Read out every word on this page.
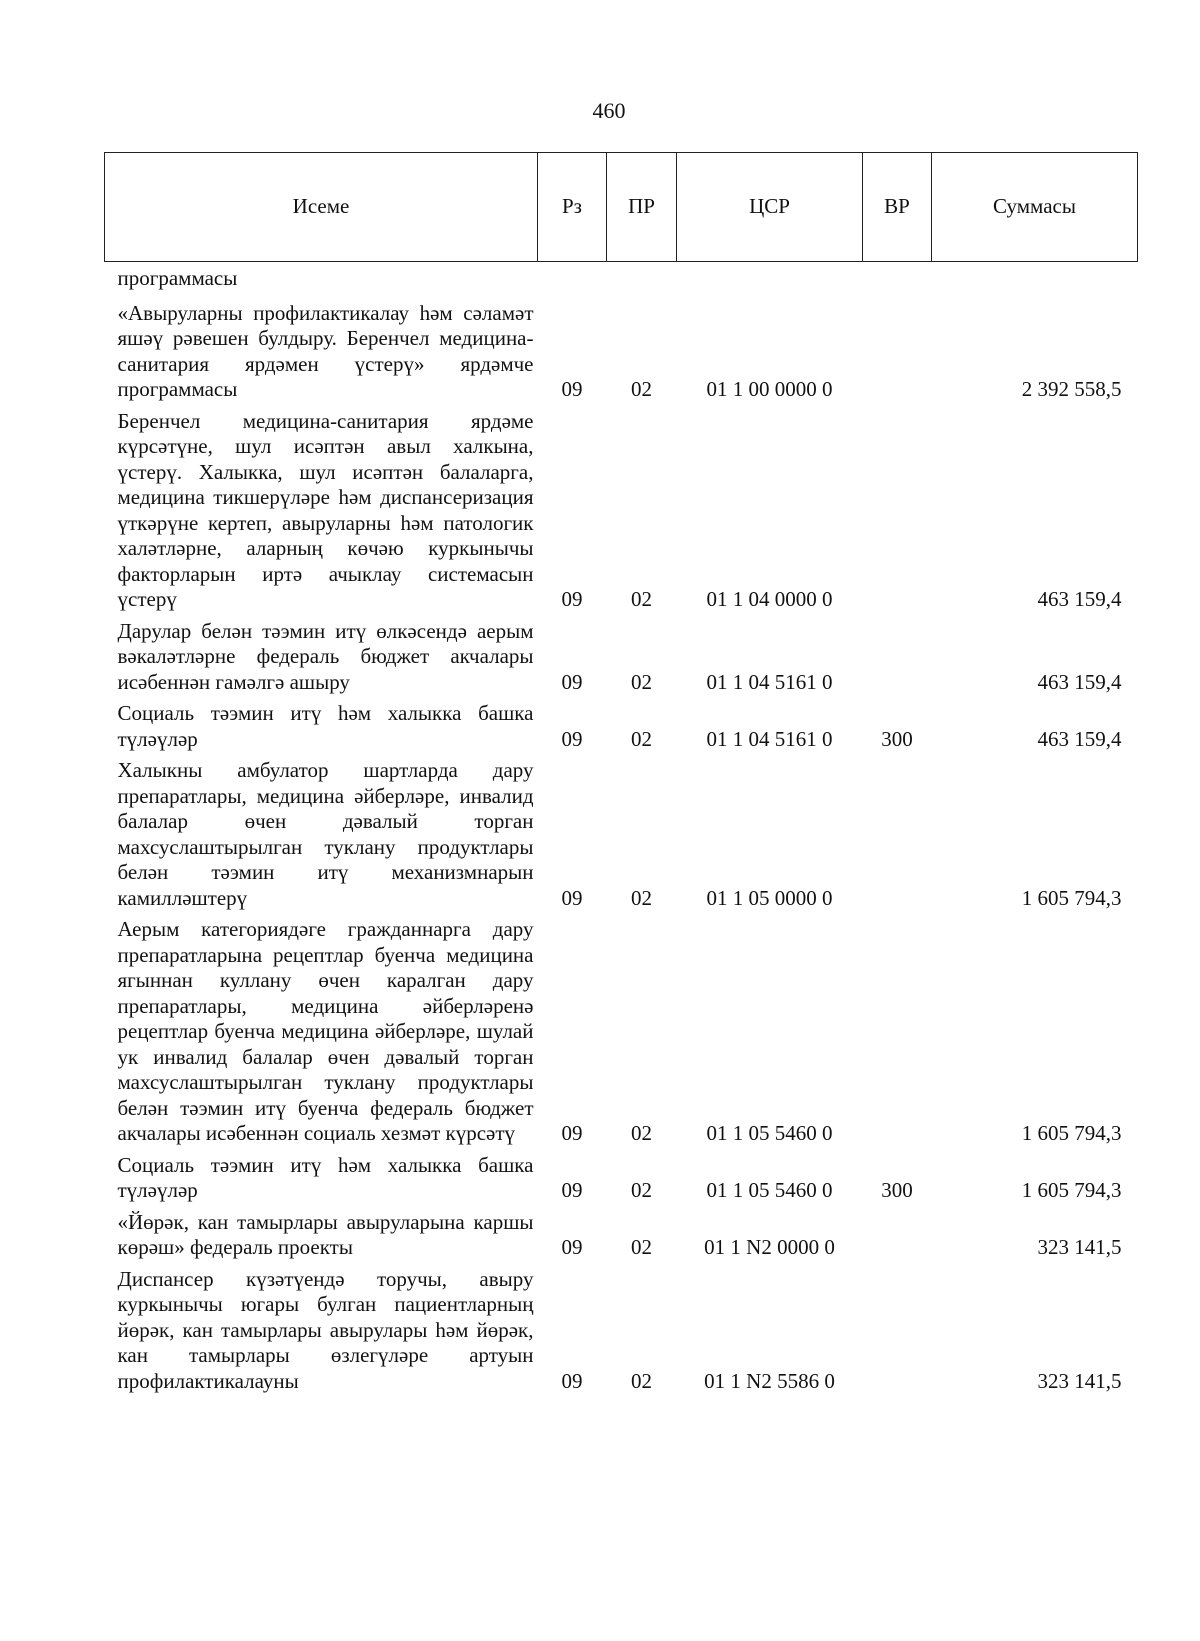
460
Исеме	Рз	ПР	ЦСР	ВР	Суммасы
программасы					
«Авыруларны профилактикалау һәм сәламәт яшәү рәвешен булдыру. Беренчел медицина-санитария ярдәмен үстерү» ярдәмче программасы	09	02	01 1 00 0000 0		2 392 558,5
Беренчел медицина-санитария ярдәме күрсәтүне, шул исәптән авыл халкына, үстерү. Халыкка, шул исәптән балаларга, медицина тикшерүләре һәм диспансеризация үткәрүне кертеп, авыруларны һәм патологик халәтләрне, аларның көчәю куркынычы факторларын иртә ачыклау системасын үстерү	09	02	01 1 04 0000 0		463 159,4
Дарулар белән тәэмин итү өлкәсендә аерым вәкаләтләрне федераль бюджет акчалары исәбеннән гамәлгә ашыру	09	02	01 1 04 5161 0		463 159,4
Социаль тәэмин итү һәм халыкка башка түләүләр	09	02	01 1 04 5161 0	300	463 159,4
Халыкны амбулатор шартларда дару препаратлары, медицина әйберләре, инвалид балалар өчен дәвалый торган махсуслаштырылган туклану продуктлары белән тәэмин итү механизмнарын камилләштерү	09	02	01 1 05 0000 0		1 605 794,3
Аерым категориядәге гражданнарга дару препаратларына рецептлар буенча медицина ягыннан куллану өчен каралган дару препаратлары, медицина әйберләренә рецептлар буенча медицина әйберләре, шулай ук инвалид балалар өчен дәвалый торган махсуслаштырылган туклану продуктлары белән тәэмин итү буенча федераль бюджет акчалары исәбеннән социаль хезмәт күрсәтү	09	02	01 1 05 5460 0		1 605 794,3
Социаль тәэмин итү һәм халыкка башка түләүләр	09	02	01 1 05 5460 0	300	1 605 794,3
«Йөрәк, кан тамырлары авыруларына каршы көрәш» федераль проекты	09	02	01 1 N2 0000 0		323 141,5
Диспансер күзәтүендә торучы, авыру куркынычы югары булган пациентларның йөрәк, кан тамырлары авырулары һәм йөрәк, кан тамырлары өзлегүләре артуын профилактикалауны	09	02	01 1 N2 5586 0		323 141,5
